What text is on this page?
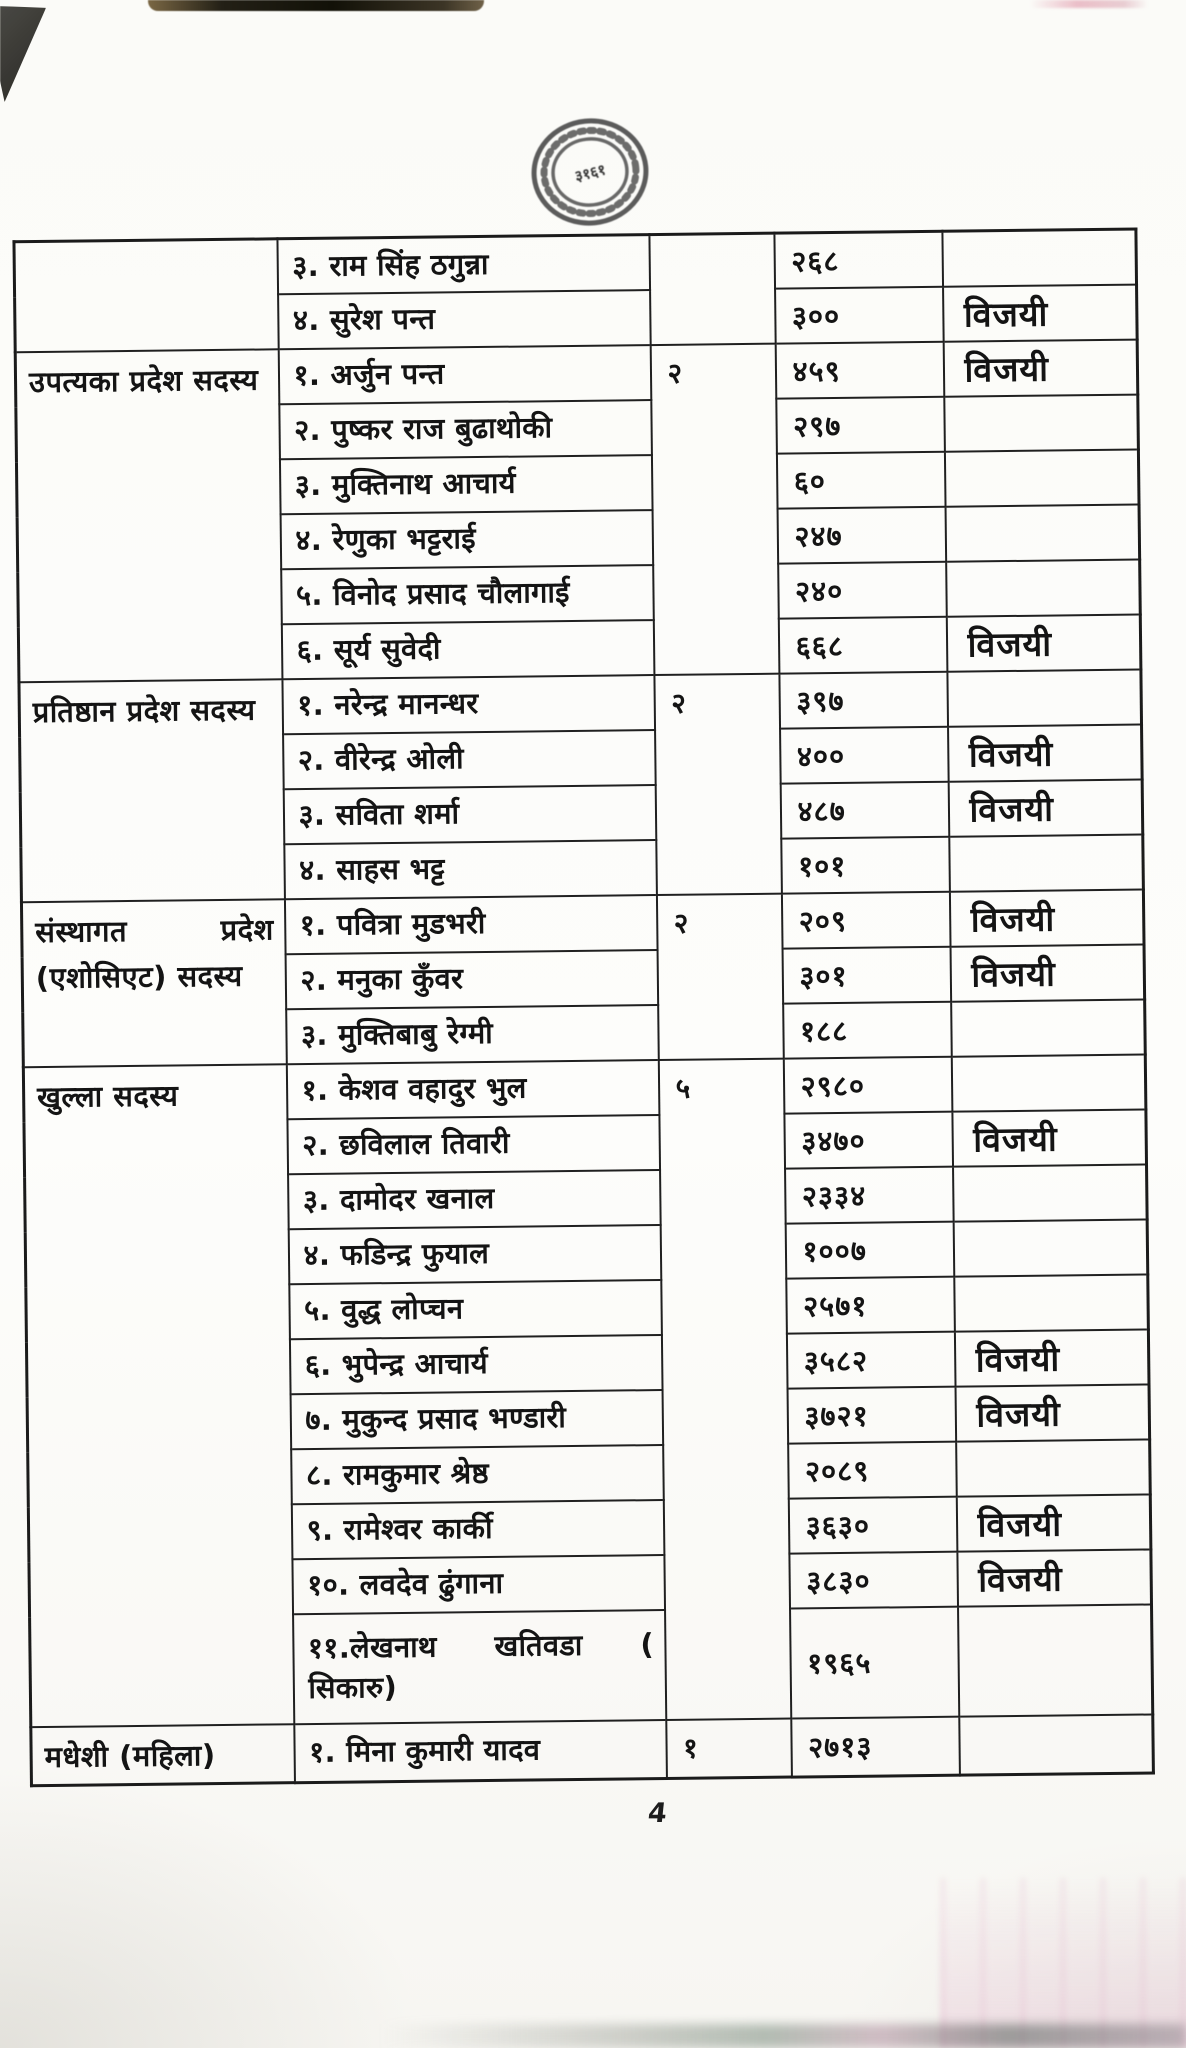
३१६१
	३. राम सिंह ठगुन्ना		२६८	
	४. सुरेश पन्त		३००	विजयी
उपत्यका प्रदेश सदस्य	१. अर्जुन पन्त	२	४५९	विजयी
	२. पुष्कर राज बुढाथोकी		२९७	
	३. मुक्तिनाथ आचार्य		६०	
	४. रेणुका भट्टराई		२४७	
	५. विनोद प्रसाद चौलागाई		२४०	
	६. सूर्य सुवेदी		६६८	विजयी
प्रतिष्ठान प्रदेश सदस्य	१. नरेन्द्र मानन्धर	२	३९७	
	२. वीरेन्द्र ओली		४००	विजयी
	३. सविता शर्मा		४८७	विजयी
	४. साहस भट्ट		१०१	
संस्थागत प्रदेश (एशोसिएट) सदस्य	१. पवित्रा मुडभरी	२	२०९	विजयी
	२. मनुका कुँवर		३०१	विजयी
	३. मुक्तिबाबु रेग्मी		१८८	
खुल्ला सदस्य	१. केशव वहादुर भुल	५	२९८०	
	२. छविलाल तिवारी		३४७०	विजयी
	३. दामोदर खनाल		२३३४	
	४. फडिन्द्र फुयाल		१००७	
	५. वुद्ध लोप्चन		२५७१	
	६. भुपेन्द्र आचार्य		३५८२	विजयी
	७. मुकुन्द प्रसाद भण्डारी		३७२१	विजयी
	८. रामकुमार श्रेष्ठ		२०८९	
	९. रामेश्वर कार्की		३६३०	विजयी
	१०. लवदेव ढुंगाना		३८३०	विजयी
	११.लेखनाथ खतिवडा ( सिकारु)		१९६५	
मधेशी (महिला)	१. मिना कुमारी यादव	१	२७१३	
4
